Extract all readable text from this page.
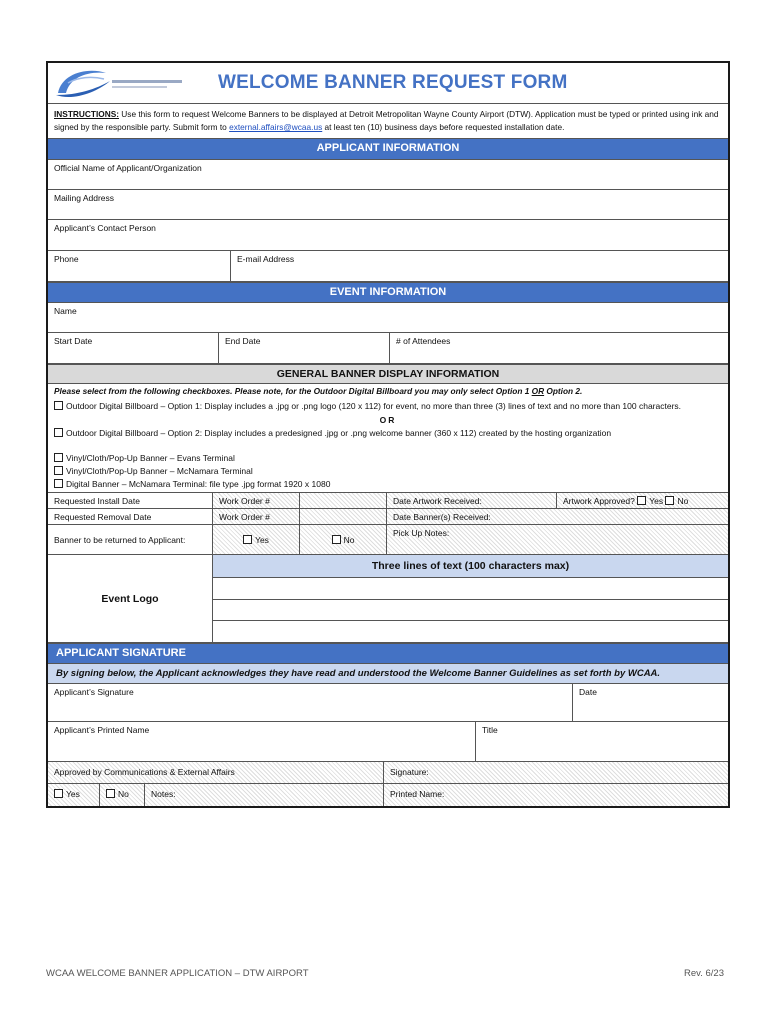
WELCOME BANNER REQUEST FORM
INSTRUCTIONS: Use this form to request Welcome Banners to be displayed at Detroit Metropolitan Wayne County Airport (DTW). Application must be typed or printed using ink and signed by the responsible party. Submit form to external.affairs@wcaa.us at least ten (10) business days before requested installation date.
APPLICANT INFORMATION
Official Name of Applicant/Organization
Mailing Address
Applicant’s Contact Person
Phone	E-mail Address
EVENT INFORMATION
Name
Start Date	End Date	# of Attendees
GENERAL BANNER DISPLAY INFORMATION
Please select from the following checkboxes. Please note, for the Outdoor Digital Billboard you may only select Option 1 OR Option 2.
Outdoor Digital Billboard – Option 1: Display includes a .jpg or .png logo (120 x 112) for event, no more than three (3) lines of text and no more than 100 characters.
OR
Outdoor Digital Billboard – Option 2: Display includes a predesigned .jpg or .png welcome banner (360 x 112) created by the hosting organization
Vinyl/Cloth/Pop-Up Banner – Evans Terminal
Vinyl/Cloth/Pop-Up Banner – McNamara Terminal
Digital Banner – McNamara Terminal: file type .jpg format 1920 x 1080
Requested Install Date	Work Order #	Date Artwork Received:	Artwork Approved? Yes No
Requested Removal Date	Work Order #	Date Banner(s) Received:
Banner to be returned to Applicant:	Yes	No
Pick Up Notes:
Event Logo
Three lines of text (100 characters max)
APPLICANT SIGNATURE
By signing below, the Applicant acknowledges they have read and understood the Welcome Banner Guidelines as set forth by WCAA.
Applicant’s Signature	Date
Applicant’s Printed Name	Title
Approved by Communications & External Affairs	Signature:
Yes	No	Notes:	Printed Name:
WCAA WELCOME BANNER APPLICATION – DTW AIRPORT	Rev. 6/23
